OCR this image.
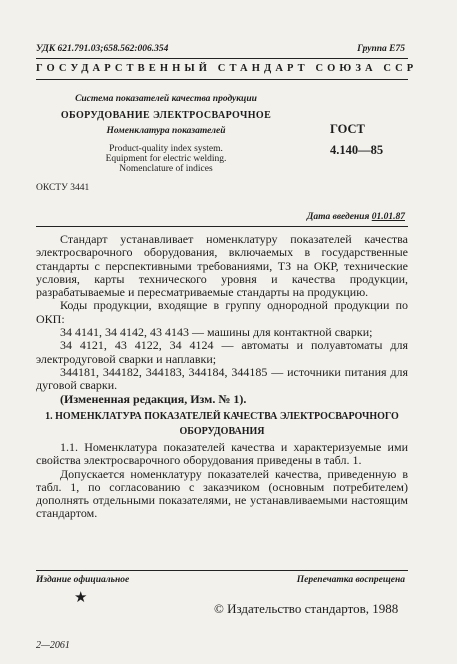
УДК 621.791.03;658.562:006.354	Группа Е75
ГОСУДАРСТВЕННЫЙ СТАНДАРТ СОЮЗА ССР
Система показателей качества продукции
ОБОРУДОВАНИЕ ЭЛЕКТРОСВАРОЧНОЕ
Номенклатура показателей
Product-quality index system.
Equipment for electric welding.
Nomenclature of indices
ГОСТ
4.140—85
ОКСТУ 3441
Дата введения 01.01.87

Стандарт устанавливает номенклатуру показателей качества электросварочного оборудования, включаемых в государственные стандарты с перспективными требованиями, ТЗ на ОКР, технические условия, карты технического уровня и качества продукции, разрабатываемые и пересматриваемые стандарты на продукцию.

Коды продукции, входящие в группу однородной продукции по ОКП:

34 4141, 34 4142, 43 4143 — машины для контактной сварки;

34 4121, 43 4122, 34 4124 — автоматы и полуавтоматы для электродуговой сварки и наплавки;

344181, 344182, 344183, 344184, 344185 — источники питания для дуговой сварки.

(Измененная редакция, Изм. № 1).

1. НОМЕНКЛАТУРА ПОКАЗАТЕЛЕЙ КАЧЕСТВА ЭЛЕКТРОСВАРОЧНОГО
ОБОРУДОВАНИЯ

1.1. Номенклатура показателей качества и характеризуемые ими свойства электросварочного оборудования приведены в табл. 1.

Допускается номенклатуру показателей качества, приведенную в табл. 1, по согласованию с заказчиком (основным потребителем) дополнять отдельными показателями, не устанавливаемыми настоящим стандартом.

Издание официальное	Перепечатка воспрещена
★
© Издательство стандартов, 1988
2—2061
